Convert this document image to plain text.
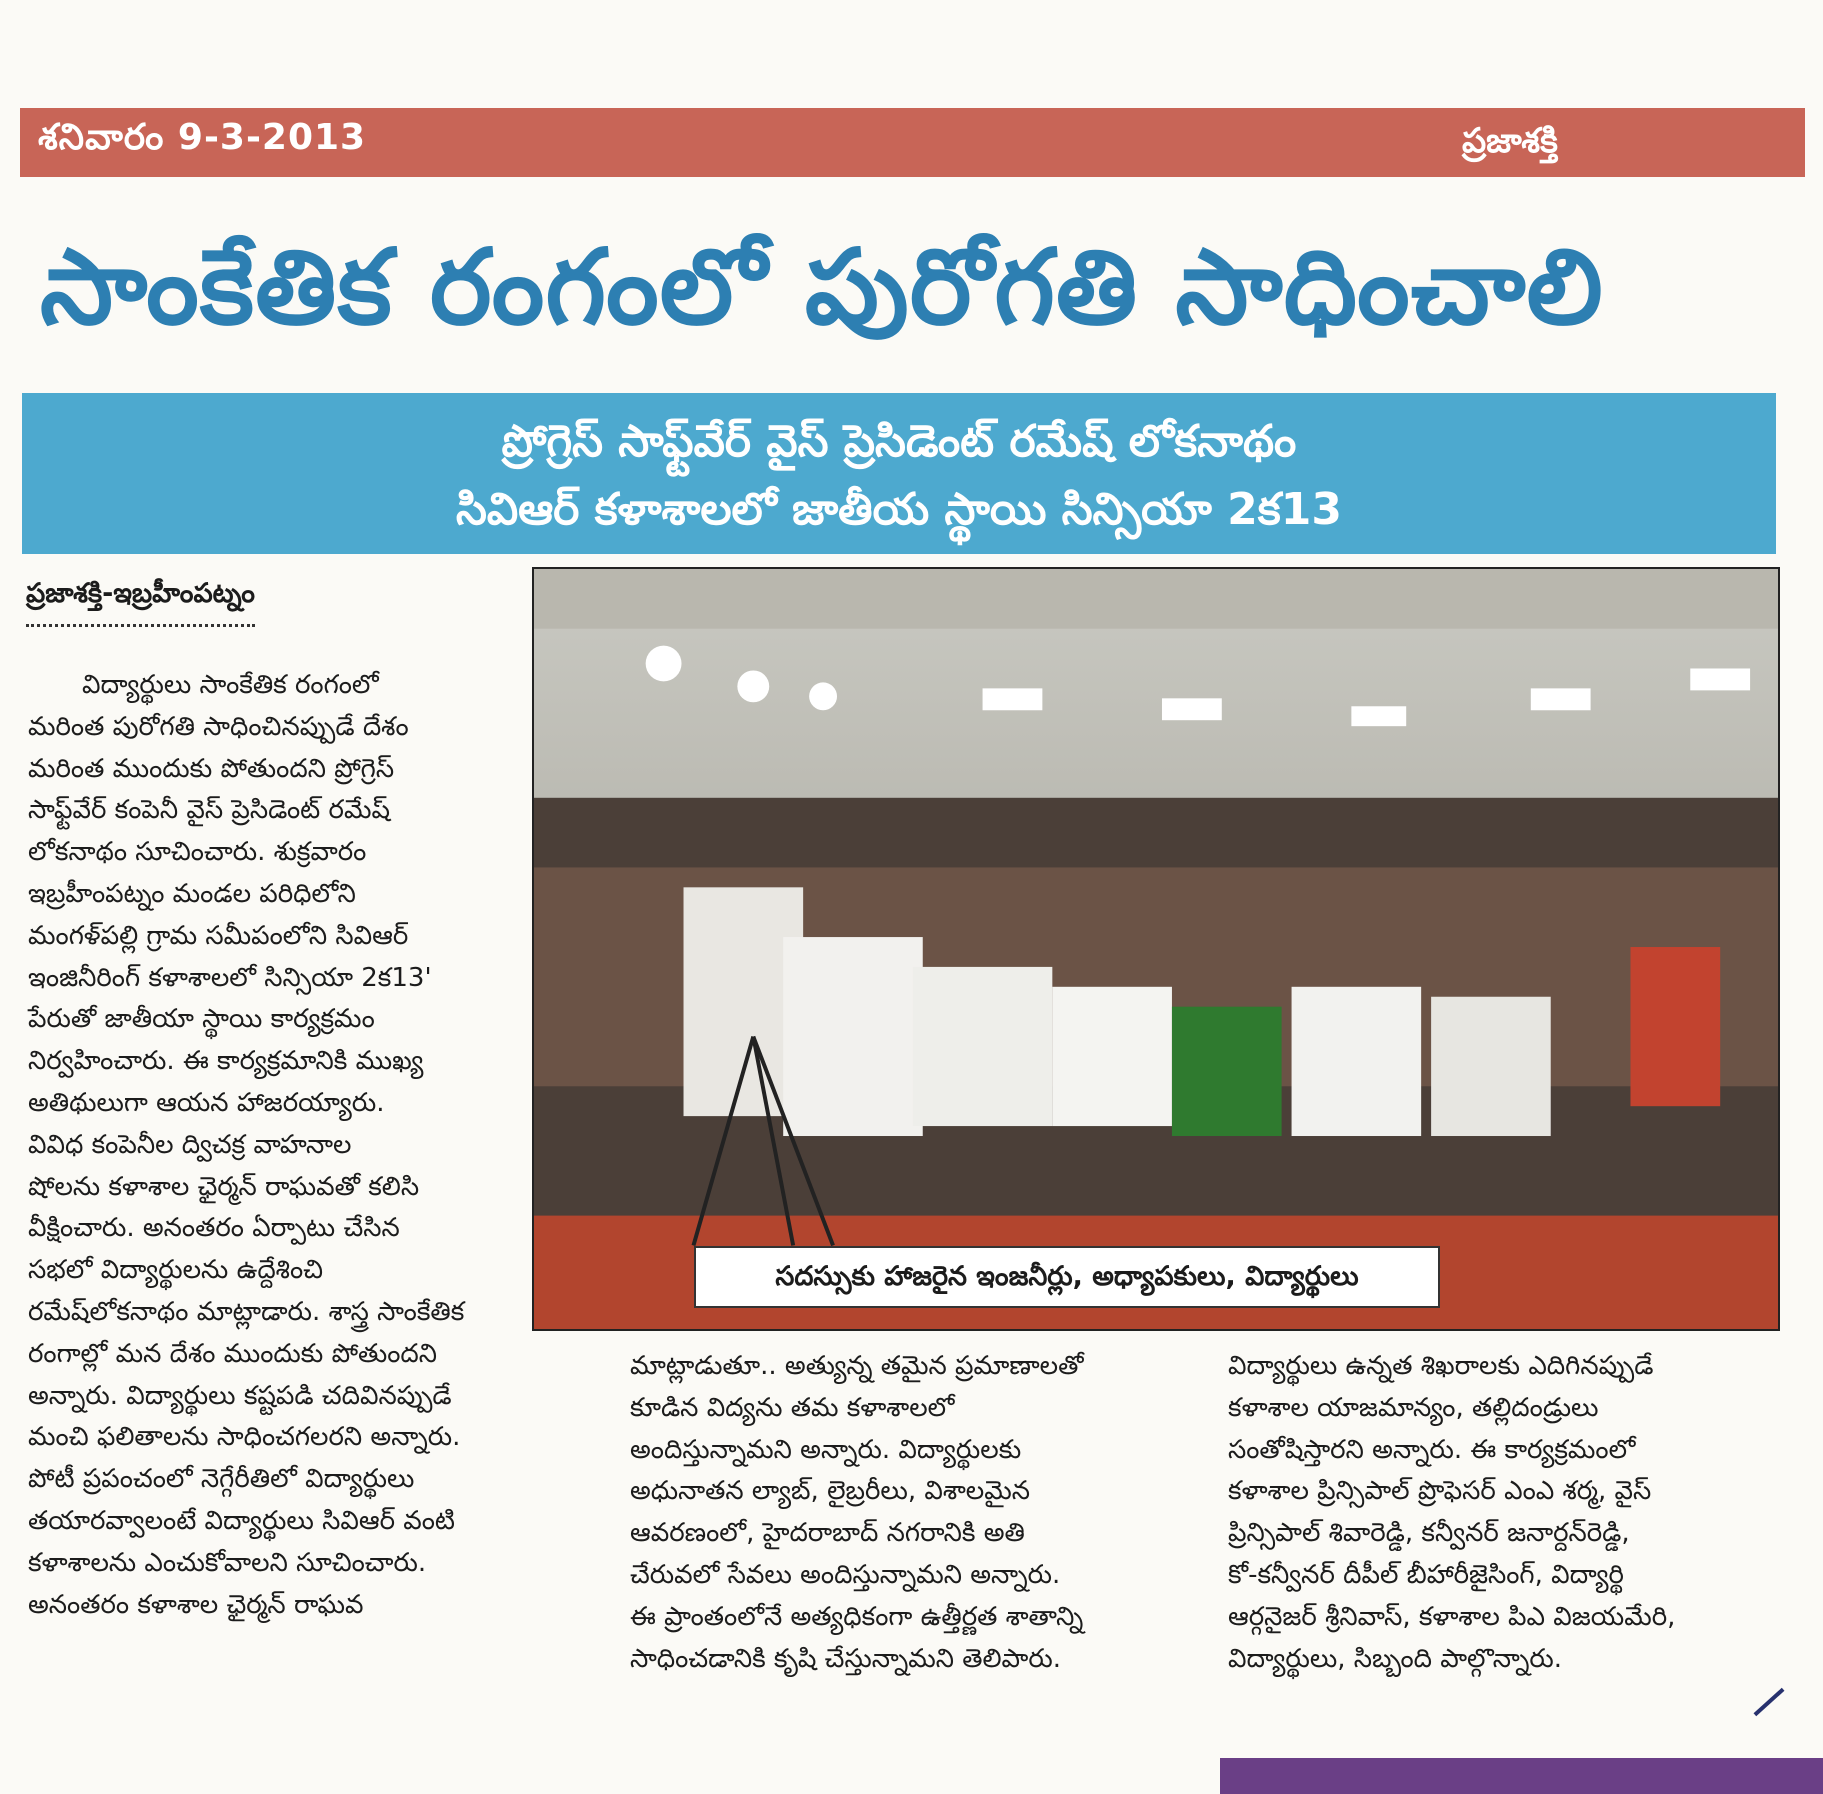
శనివారం 9-3-2013	ప్రజాశక్తి
సాంకేతిక రంగంలో పురోగతి సాధించాలి
ప్రోగ్రెస్ సాఫ్ట్‌వేర్ వైస్ ప్రెసిడెంట్ రమేష్ లోకనాథం
సివిఆర్ కళాశాలలో జాతీయ స్థాయి సిన్సియా 2క13
ప్రజాశక్తి-ఇబ్రహీంపట్నం
విద్యార్థులు సాంకేతిక రంగంలో
మరింత పురోగతి సాధించినప్పుడే దేశం
మరింత ముందుకు పోతుందని ప్రోగ్రెస్
సాఫ్ట్‌వేర్ కంపెనీ వైస్ ప్రెసిడెంట్ రమేష్
లోకనాథం సూచించారు. శుక్రవారం
ఇబ్రహీంపట్నం మండల పరిధిలోని
మంగళ్‌పల్లి గ్రామ సమీపంలోని సివిఆర్
ఇంజినీరింగ్ కళాశాలలో సిన్సియా 2క13'
పేరుతో జాతీయా స్థాయి కార్యక్రమం
నిర్వహించారు. ఈ కార్యక్రమానికి ముఖ్య
అతిథులుగా ఆయన హాజరయ్యారు.
వివిధ కంపెనీల ద్విచక్ర వాహనాల
షోలను కళాశాల ఛైర్మన్ రాఘవతో కలిసి
వీక్షించారు. అనంతరం ఏర్పాటు చేసిన
సభలో విద్యార్థులను ఉద్దేశించి
రమేష్‌లోకనాథం మాట్లాడారు. శాస్త్ర సాంకేతిక
రంగాల్లో మన దేశం ముందుకు పోతుందని
అన్నారు. విద్యార్థులు కష్టపడి చదివినప్పుడే
మంచి ఫలితాలను సాధించగలరని అన్నారు.
పోటీ ప్రపంచంలో నెగ్గేరీతిలో విద్యార్థులు
తయారవ్వాలంటే విద్యార్థులు సివిఆర్ వంటి
కళాశాలను ఎంచుకోవాలని సూచించారు.
అనంతరం కళాశాల ఛైర్మన్ రాఘవ
సదస్సుకు హాజరైన ఇంజనీర్లు, అధ్యాపకులు, విద్యార్థులు
మాట్లాడుతూ.. అత్యున్న తమైన ప్రమాణాలతో
కూడిన విద్యను తమ కళాశాలలో
అందిస్తున్నామని అన్నారు. విద్యార్థులకు
అధునాతన ల్యాబ్, లైబ్రరీలు, విశాలమైన
ఆవరణంలో, హైదరాబాద్ నగరానికి అతి
చేరువలో సేవలు అందిస్తున్నామని అన్నారు.
ఈ ప్రాంతంలోనే అత్యధికంగా ఉత్తీర్ణత శాతాన్ని
సాధించడానికి కృషి చేస్తున్నామని తెలిపారు.
విద్యార్థులు ఉన్నత శిఖరాలకు ఎదిగినప్పుడే
కళాశాల యాజమాన్యం, తల్లిదండ్రులు
సంతోషిస్తారని అన్నారు. ఈ కార్యక్రమంలో
కళాశాల ప్రిన్సిపాల్ ప్రొఫెసర్ ఎంఎ శర్మ, వైస్
ప్రిన్సిపాల్ శివారెడ్డి, కన్వీనర్ జనార్దన్‌రెడ్డి,
కో-కన్వీనర్ దీపీల్ బీహారీజైసింగ్, విద్యార్థి
ఆర్గనైజర్ శ్రీనివాస్, కళాశాల పిఎ విజయమేరి,
విద్యార్థులు, సిబ్బంది పాల్గొన్నారు.
